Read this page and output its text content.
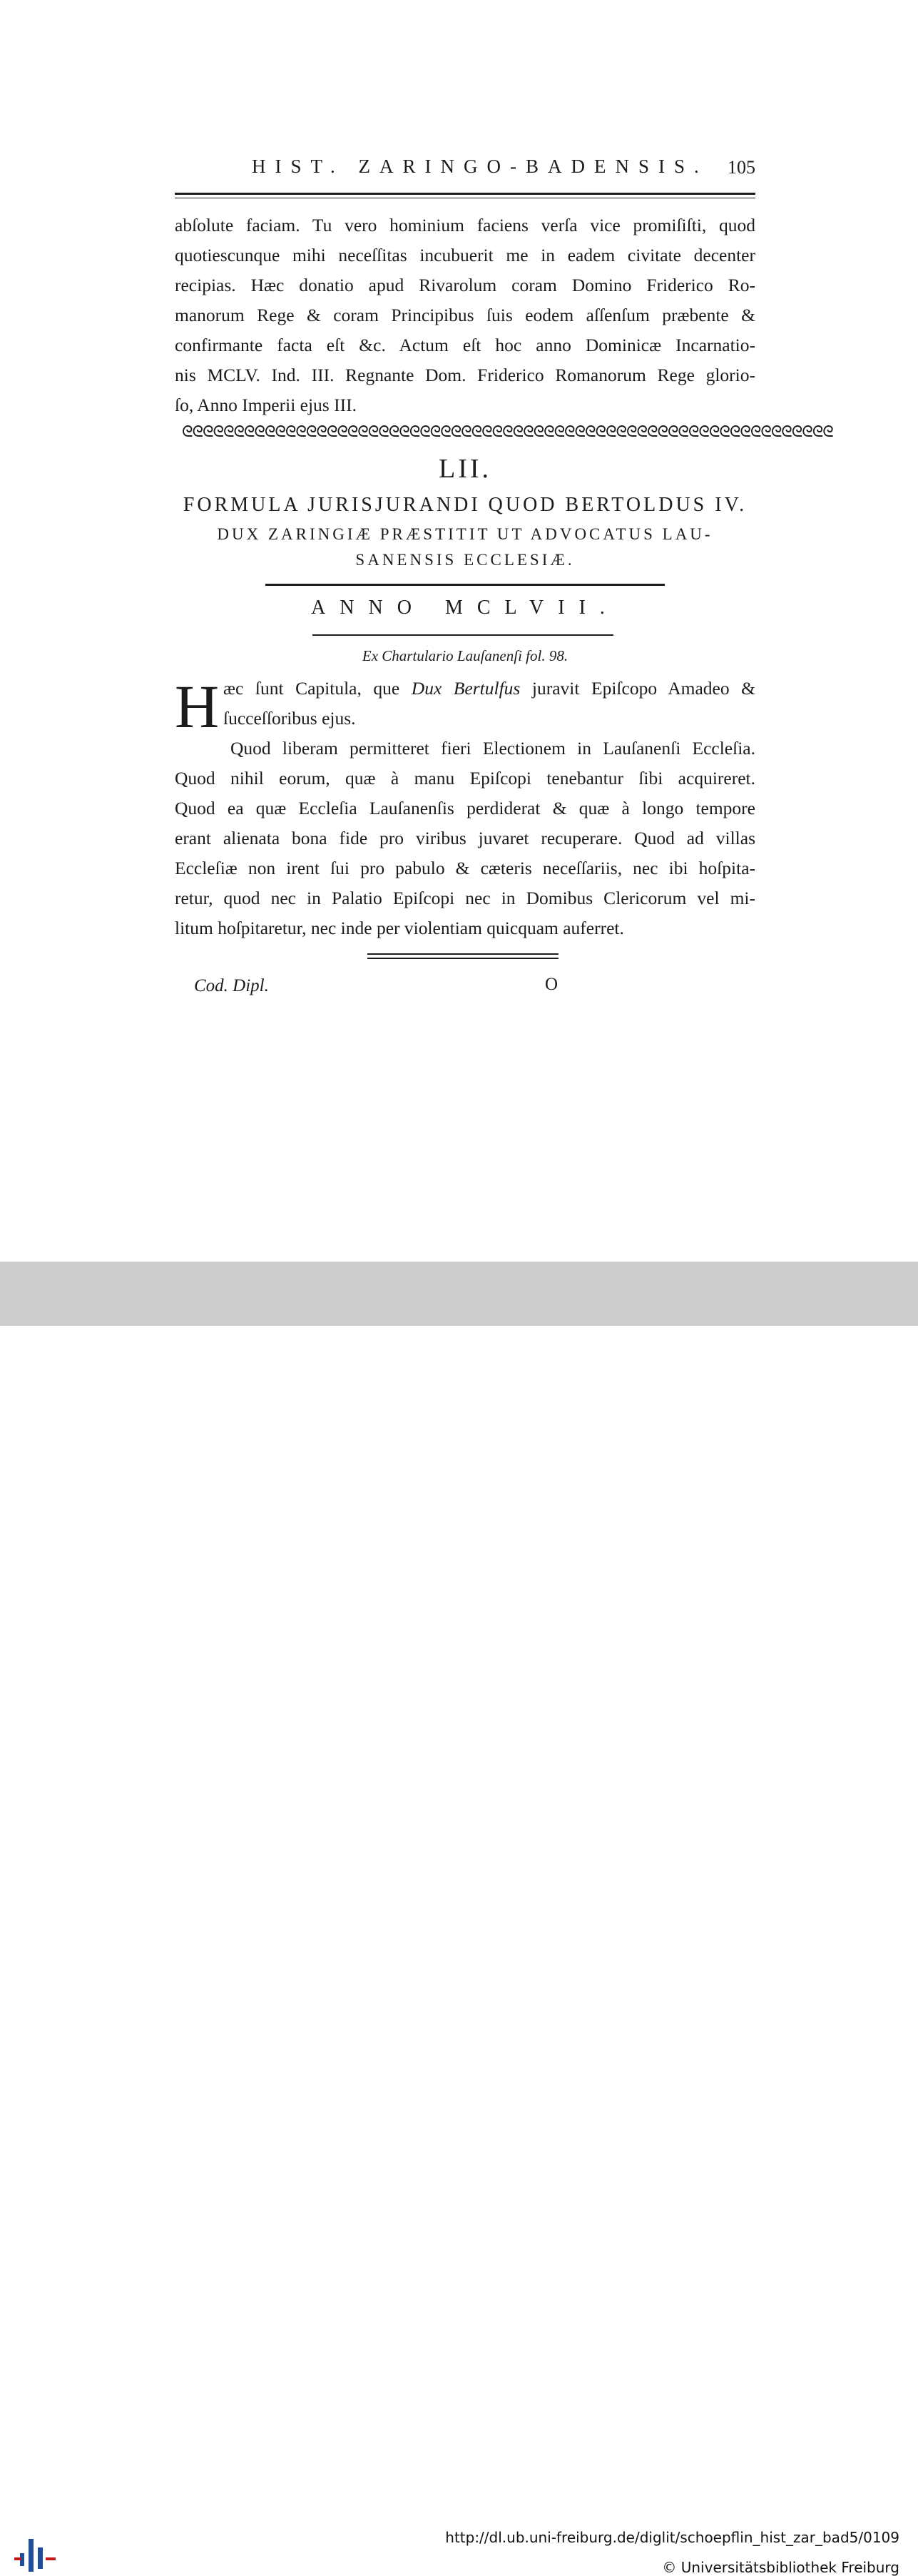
HIST. ZARINGO-BADENSIS. 105

abſolute faciam. Tu vero hominium faciens verſa vice promiſiſti, quod
quotiescunque mihi neceſſitas incubuerit me in eadem civitate decenter
recipias. Hæc donatio apud Rivarolum coram Domino Friderico Ro-
manorum Rege & coram Principibus ſuis eodem aſſenſum præbente &
confirmante facta eſt &c. Actum eſt hoc anno Dominicæ Incarnatio-
nis MCLV. Ind. III. Regnante Dom. Friderico Romanorum Rege glorio-
ſo, Anno Imperii ejus III.

ᘓᘓᘓᘓᘓᘓᘓᘓᘓᘓᘓᘓᘓᘓᘓᘓᘓᘓᘓᘓᘓᘓᘓᘓᘓᘓᘓᘓᘓᘓᘓᘓᘓᘓᘓᘓᘓᘓᘓᘓᘓᘓᘓᘓᘓᘓᘓᘓᘓᘓᘓᘓᘓᘓᘓᘓᘓᘓᘓᘓᘓᘓᘓ
LII.
FORMULA JURISJURANDI QUOD BERTOLDUS IV.
DUX ZARINGIÆ PRÆSTITIT UT ADVOCATUS LAU-
SANENSIS ECCLESIÆ.
ANNO MCLVII.
Ex Chartulario Lauſanenſi fol. 98.
H æc ſunt Capitula, que Dux Bertulfus juravit Epiſcopo Amadeo &
ſucceſſoribus ejus.

Quod liberam permitteret fieri Electionem in Lauſanenſi Eccleſia.
Quod nihil eorum, quæ à manu Epiſcopi tenebantur ſibi acquireret.
Quod ea quæ Eccleſia Lauſanenſis perdiderat & quæ à longo tempore
erant alienata bona fide pro viribus juvaret recuperare. Quod ad villas
Eccleſiæ non irent ſui pro pabulo & cæteris neceſſariis, nec ibi hoſpita-
retur, quod nec in Palatio Epiſcopi nec in Domibus Clericorum vel mi-
litum hoſpitaretur, nec inde per violentiam quicquam auferret.

Cod. Dipl.	O
http://dl.ub.uni-freiburg.de/diglit/schoepflin_hist_zar_bad5/0109
© Universitätsbibliothek Freiburg
